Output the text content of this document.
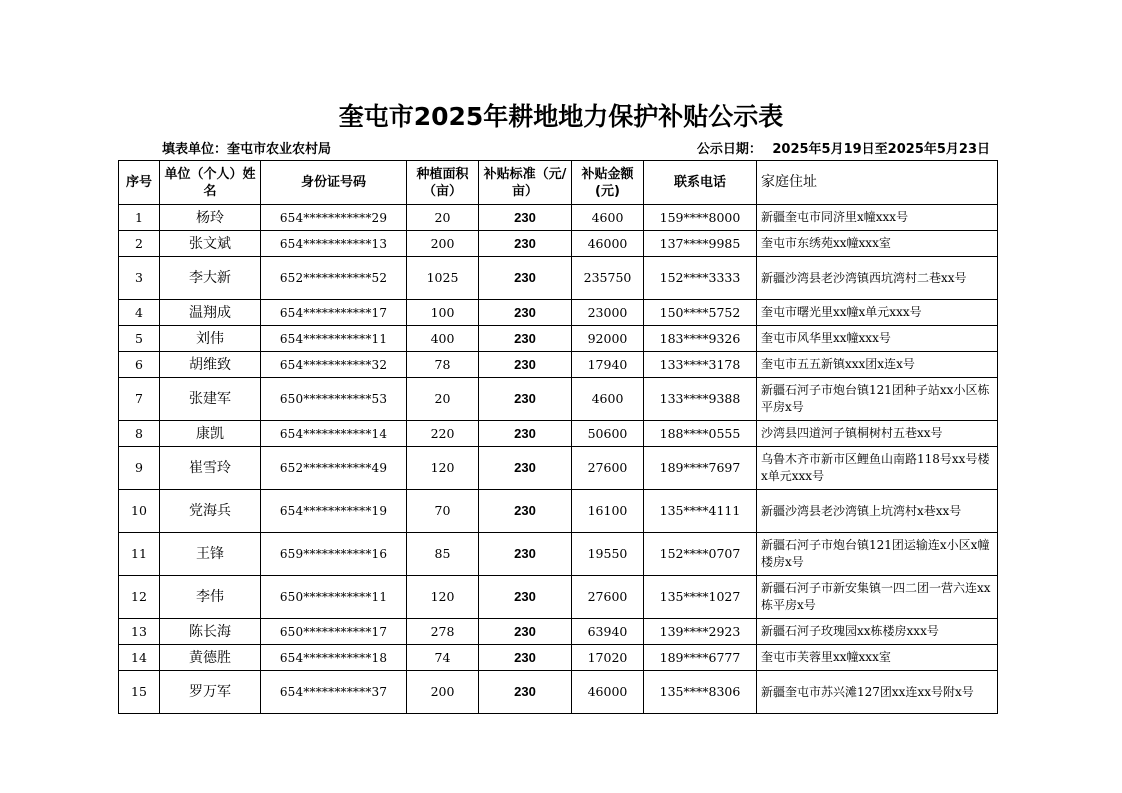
奎屯市2025年耕地地力保护补贴公示表
填表单位：奎屯市农业农村局	公示日期： 2025年5月19日至2025年5月23日
序号	单位（个人）姓名	身份证号码	种植面积（亩）	补贴标准（元/亩）	补贴金额(元)	联系电话	家庭住址
1	杨玲	654***********29	20	230	4600	159****8000	新疆奎屯市同济里x幢xxx号
2	张文斌	654***********13	200	230	46000	137****9985	奎屯市东绣苑xx幢xxx室
3	李大新	652***********52	1025	230	235750	152****3333	新疆沙湾县老沙湾镇西坑湾村二巷xx号
4	温翔成	654***********17	100	230	23000	150****5752	奎屯市曙光里xx幢x单元xxx号
5	刘伟	654***********11	400	230	92000	183****9326	奎屯市风华里xx幢xxx号
6	胡维致	654***********32	78	230	17940	133****3178	奎屯市五五新镇xxx团x连x号
7	张建军	650***********53	20	230	4600	133****9388	新疆石河子市炮台镇121团种子站xx小区栋平房x号
8	康凯	654***********14	220	230	50600	188****0555	沙湾县四道河子镇桐树村五巷xx号
9	崔雪玲	652***********49	120	230	27600	189****7697	乌鲁木齐市新市区鲤鱼山南路118号xx号楼x单元xxx号
10	党海兵	654***********19	70	230	16100	135****4111	新疆沙湾县老沙湾镇上坑湾村x巷xx号
11	王锋	659***********16	85	230	19550	152****0707	新疆石河子市炮台镇121团运输连x小区x幢楼房x号
12	李伟	650***********11	120	230	27600	135****1027	新疆石河子市新安集镇一四二团一营六连xx栋平房x号
13	陈长海	650***********17	278	230	63940	139****2923	新疆石河子玫瑰园xx栋楼房xxx号
14	黄德胜	654***********18	74	230	17020	189****6777	奎屯市芙蓉里xx幢xxx室
15	罗万军	654***********37	200	230	46000	135****8306	新疆奎屯市苏兴滩127团xx连xx号附x号
